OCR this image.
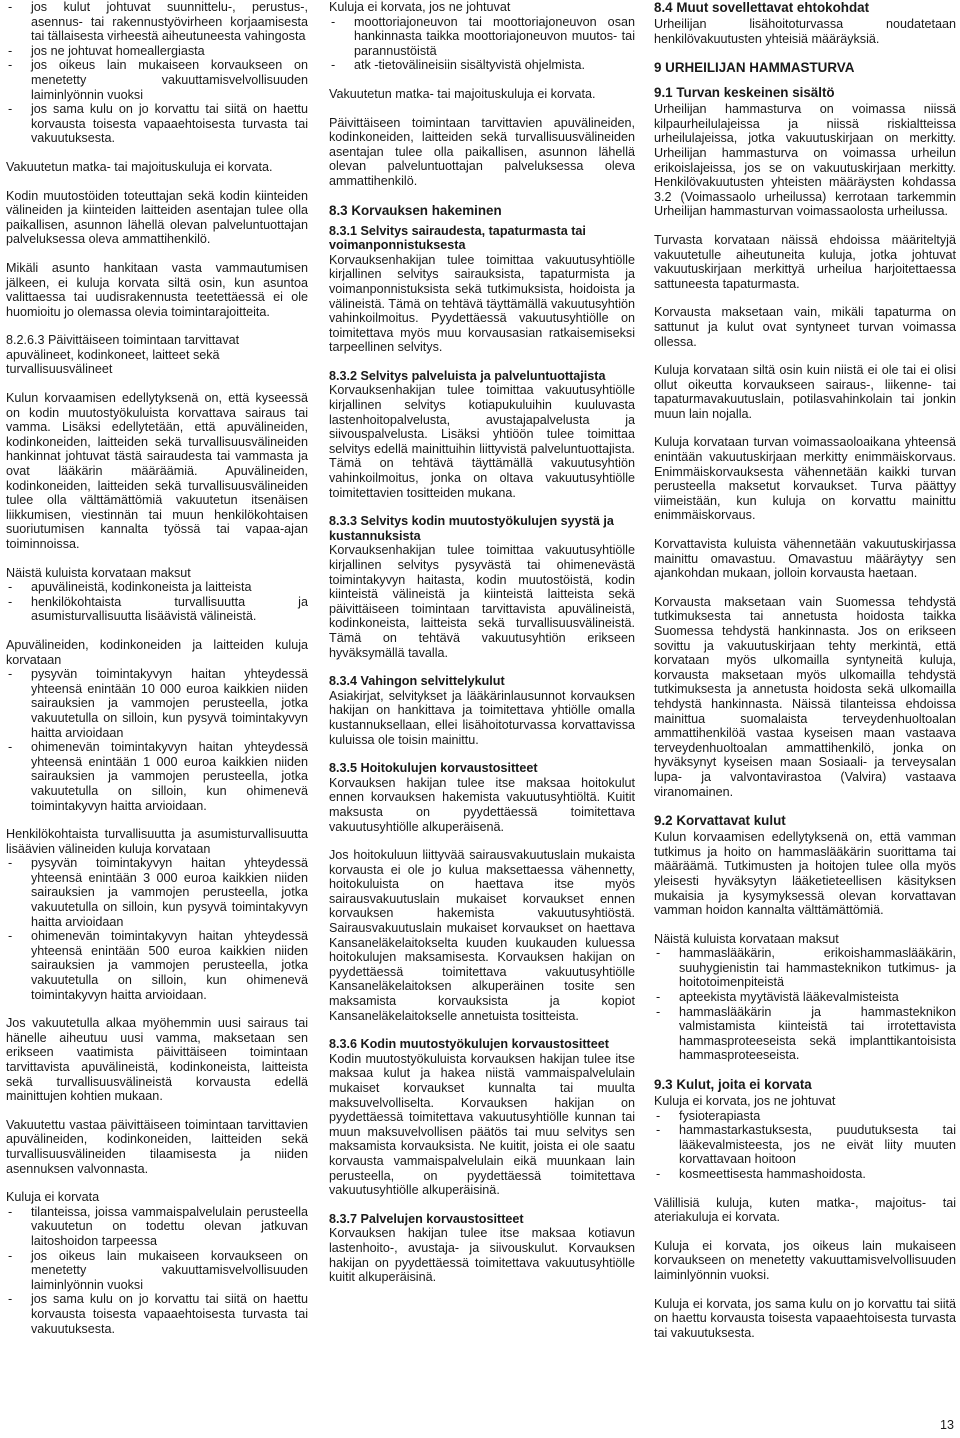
- jos kulut johtuvat suunnittelu-, perustus-, asennus- tai rakennustyövirheen korjaamisesta tai tällaisesta virheestä aiheutuneesta vahingosta
- jos ne johtuvat homeallergiasta
- jos oikeus lain mukaiseen korvaukseen on menetetty vakuuttamisvelvollisuuden laiminlyönnin vuoksi
- jos sama kulu on jo korvattu tai siitä on haettu korvausta toisesta vapaaehtoisesta turvasta tai vakuutuksesta.

Vakuutetun matka- tai majoituskuluja ei korvata.

Kodin muutostöiden toteuttajan sekä kodin kiinteiden välineiden ja kiinteiden laitteiden asentajan tulee olla paikallisen, asunnon lähellä olevan palveluntuottajan palveluksessa oleva ammattihenkilö.

Mikäli asunto hankitaan vasta vammautumisen jälkeen, ei kuluja korvata siltä osin, kun asuntoa valittaessa tai uudisrakennusta teetettäessä ei ole huomioitu jo olemassa olevia toimintarajoitteita.

8.2.6.3 Päivittäiseen toimintaan tarvittavat apuvälineet, kodinkoneet, laitteet sekä turvallisuusvälineet

Kulun korvaamisen edellytyksenä on, että kyseessä on kodin muutostyökuluista korvattava sairaus tai vamma. Lisäksi edellytetään, että apuvälineiden, kodinkoneiden, laitteiden sekä turvallisuusvälineiden hankinnat johtuvat tästä sairaudesta tai vammasta ja ovat lääkärin määräämiä. Apuvälineiden, kodinkoneiden, laitteiden sekä turvallisuusvälineiden tulee olla välttämättömiä vakuutetun itsenäisen liikkumisen, viestinnän tai muun henkilökohtaisen suoriutumisen kannalta työssä tai vapaa-ajan toiminnoissa.

Näistä kuluista korvataan maksut

- apuvälineistä, kodinkoneista ja laitteista
- henkilökohtaista turvallisuutta ja asumisturvallisuutta lisäävistä välineistä.

Apuvälineiden, kodinkoneiden ja laitteiden kuluja korvataan

- pysyvän toimintakyvyn haitan yhteydessä yhteensä enintään 10 000 euroa kaikkien niiden sairauksien ja vammojen perusteella, jotka vakuutetulla on silloin, kun pysyvä toimintakyvyn haitta arvioidaan
- ohimenevän toimintakyvyn haitan yhteydessä yhteensä enintään 1 000 euroa kaikkien niiden sairauksien ja vammojen perusteella, jotka vakuutetulla on silloin, kun ohimenevä toimintakyvyn haitta arvioidaan.

Henkilökohtaista turvallisuutta ja asumisturvallisuutta lisäävien välineiden kuluja korvataan

- pysyvän toimintakyvyn haitan yhteydessä yhteensä enintään 3 000 euroa kaikkien niiden sairauksien ja vammojen perusteella, jotka vakuutetulla on silloin, kun pysyvä toimintakyvyn haitta arvioidaan
- ohimenevän toimintakyvyn haitan yhteydessä yhteensä enintään 500 euroa kaikkien niiden sairauksien ja vammojen perusteella, jotka vakuutetulla on silloin, kun ohimenevä toimintakyvyn haitta arvioidaan.

Jos vakuutetulla alkaa myöhemmin uusi sairaus tai hänelle aiheutuu uusi vamma, maksetaan sen erikseen vaatimista päivittäiseen toimintaan tarvittavista apuvälineistä, kodinkoneista, laitteista sekä turvallisuusvälineistä korvausta edellä mainittujen kohtien mukaan.

Vakuutettu vastaa päivittäiseen toimintaan tarvittavien apuvälineiden, kodinkoneiden, laitteiden sekä turvallisuusvälineiden tilaamisesta ja niiden asennuksen valvonnasta.

Kuluja ei korvata

- tilanteissa, joissa vammaispalvelulain perusteella vakuutetun on todettu olevan jatkuvan laitoshoidon tarpeessa
- jos oikeus lain mukaiseen korvaukseen on menetetty vakuuttamisvelvollisuuden laiminlyönnin vuoksi
- jos sama kulu on jo korvattu tai siitä on haettu korvausta toisesta vapaaehtoisesta turvasta tai vakuutuksesta.

Kuluja ei korvata, jos ne johtuvat

- moottoriajoneuvon tai moottoriajoneuvon osan hankinnasta taikka moottoriajoneuvon muutos- tai parannustöistä
- atk -tietovälineisiin sisältyvistä ohjelmista.

Vakuutetun matka- tai majoituskuluja ei korvata.

Päivittäiseen toimintaan tarvittavien apuvälineiden, kodinkoneiden, laitteiden sekä turvallisuusvälineiden asentajan tulee olla paikallisen, asunnon lähellä olevan palveluntuottajan palveluksessa oleva ammattihenkilö.

8.3 Korvauksen hakeminen
8.3.1 Selvitys sairaudesta, tapaturmasta tai voimanponnistuksesta

Korvauksenhakijan tulee toimittaa vakuutusyhtiölle kirjallinen selvitys sairauksista, tapaturmista ja voimanponnistuksista sekä tutkimuksista, hoidoista ja välineistä. Tämä on tehtävä täyttämällä vakuutusyhtiön vahinkoilmoitus. Pyydettäessä vakuutusyhtiölle on toimitettava myös muu korvausasian ratkaisemiseksi tarpeellinen selvitys.

8.3.2 Selvitys palveluista ja palveluntuottajista

Korvauksenhakijan tulee toimittaa vakuutusyhtiölle kirjallinen selvitys kotiapukuluihin kuuluvasta lastenhoitopalvelusta, avustajapalvelusta ja siivouspalvelusta. Lisäksi yhtiöön tulee toimittaa selvitys edellä mainittuihin liittyvistä palveluntuottajista. Tämä on tehtävä täyttämällä vakuutusyhtiön vahinkoilmoitus, jonka on oltava vakuutusyhtiölle toimitettavien tositteiden mukana.

8.3.3 Selvitys kodin muutostyökulujen syystä ja kustannuksista

Korvauksenhakijan tulee toimittaa vakuutusyhtiölle kirjallinen selvitys pysyvästä tai ohimenevästä toimintakyvyn haitasta, kodin muutostöistä, kodin kiinteistä välineistä ja kiinteistä laitteista sekä päivittäiseen toimintaan tarvittavista apuvälineistä, kodinkoneista, laitteista sekä turvallisuusvälineistä. Tämä on tehtävä vakuutusyhtiön erikseen hyväksymällä tavalla.

8.3.4 Vahingon selvittelykulut

Asiakirjat, selvitykset ja lääkärinlausunnot korvauksen hakijan on hankittava ja toimitettava yhtiölle omalla kustannuksellaan, ellei lisähoitoturvassa korvattavissa kuluissa ole toisin mainittu.

8.3.5 Hoitokulujen korvaustositteet

Korvauksen hakijan tulee itse maksaa hoitokulut ennen korvauksen hakemista vakuutusyhtiöltä. Kuitit maksusta on pyydettäessä toimitettava vakuutusyhtiölle alkuperäisenä.

Jos hoitokuluun liittyvää sairausvakuutuslain mukaista korvausta ei ole jo kulua maksettaessa vähennetty, hoitokuluista on haettava itse myös sairausvakuutuslain mukaiset korvaukset ennen korvauksen hakemista vakuutusyhtiöstä. Sairausvakuutuslain mukaiset korvaukset on haettava Kansaneläkelaitokselta kuuden kuukauden kuluessa hoitokulujen maksamisesta. Korvauksen hakijan on pyydettäessä toimitettava vakuutusyhtiölle Kansaneläkelaitoksen alkuperäinen tosite sen maksamista korvauksista ja kopiot Kansaneläkelaitokselle annetuista tositteista.

8.3.6 Kodin muutostyökulujen korvaustositteet

Kodin muutostyökuluista korvauksen hakijan tulee itse maksaa kulut ja hakea niistä vammaispalvelulain mukaiset korvaukset kunnalta tai muulta maksuvelvolliselta. Korvauksen hakijan on pyydettäessä toimitettava vakuutusyhtiölle kunnan tai muun maksuvelvollisen päätös tai muu selvitys sen maksamista korvauksista. Ne kuitit, joista ei ole saatu korvausta vammaispalvelulain eikä muunkaan lain perusteella, on pyydettäessä toimitettava vakuutusyhtiölle alkuperäisinä.

8.3.7 Palvelujen korvaustositteet

Korvauksen hakijan tulee itse maksaa kotiavun lastenhoito-, avustaja- ja siivouskulut. Korvauksen hakijan on pyydettäessä toimitettava vakuutusyhtiölle kuitit alkuperäisinä.

8.4 Muut sovellettavat ehtokohdat

Urheilijan lisähoitoturvassa noudatetaan henkilövakuutusten yhteisiä määräyksiä.

9 URHEILIJAN HAMMASTURVA
9.1 Turvan keskeinen sisältö

Urheilijan hammasturva on voimassa niissä kilpaurheilulajeissa ja niissä riskialtteissa urheilulajeissa, jotka vakuutuskirjaan on merkitty. Urheilijan hammasturva on voimassa urheilun erikoislajeissa, jos se on vakuutuskirjaan merkitty. Henkilövakuutusten yhteisten määräysten kohdassa 3.2 (Voimassaolo urheilussa) kerrotaan tarkemmin Urheilijan hammasturvan voimassaolosta urheilussa.

Turvasta korvataan näissä ehdoissa määriteltyjä vakuutetulle aiheutuneita kuluja, jotka johtuvat vakuutuskirjaan merkittyä urheilua harjoitettaessa sattuneesta tapaturmasta.

Korvausta maksetaan vain, mikäli tapaturma on sattunut ja kulut ovat syntyneet turvan voimassa ollessa.

Kuluja korvataan siltä osin kuin niistä ei ole tai ei olisi ollut oikeutta korvaukseen sairaus-, liikenne- tai tapaturmavakuutuslain, potilasvahinkolain tai jonkin muun lain nojalla.

Kuluja korvataan turvan voimassaoloaikana yhteensä enintään vakuutuskirjaan merkitty enimmäiskorvaus. Enimmäiskorvauksesta vähennetään kaikki turvan perusteella maksetut korvaukset. Turva päättyy viimeistään, kun kuluja on korvattu mainittu enimmäiskorvaus.

Korvattavista kuluista vähennetään vakuutuskirjassa mainittu omavastuu. Omavastuu määräytyy sen ajankohdan mukaan, jolloin korvausta haetaan.

Korvausta maksetaan vain Suomessa tehdystä tutkimuksesta tai annetusta hoidosta taikka Suomessa tehdystä hankinnasta. Jos on erikseen sovittu ja vakuutuskirjaan tehty merkintä, että korvataan myös ulkomailla syntyneitä kuluja, korvausta maksetaan myös ulkomailla tehdystä tutkimuksesta ja annetusta hoidosta sekä ulkomailla tehdystä hankinnasta. Näissä tilanteissa ehdoissa mainittua suomalaista terveydenhuoltoalan ammattihenkilöä vastaa kyseisen maan vastaava terveydenhuoltoalan ammattihenkilö, jonka on hyväksynyt kyseisen maan Sosiaali- ja terveysalan lupa- ja valvontavirastoa (Valvira) vastaava viranomainen.

9.2 Korvattavat kulut

Kulun korvaamisen edellytyksenä on, että vamman tutkimus ja hoito on hammaslääkärin suorittama tai määräämä. Tutkimusten ja hoitojen tulee olla myös yleisesti hyväksytyn lääketieteellisen käsityksen mukaisia ja kysymyksessä olevan korvattavan vamman hoidon kannalta välttämättömiä.

Näistä kuluista korvataan maksut

- hammaslääkärin, erikoishammaslääkärin, suuhygienistin tai hammasteknikon tutkimus- ja hoitotoimenpiteistä
- apteekista myytävistä lääkevalmisteista
- hammaslääkärin ja hammasteknikon valmistamista kiinteistä tai irrotettavista hammasproteeseista sekä implanttikantoisista hammasproteeseista.
9.3 Kulut, joita ei korvata

Kuluja ei korvata, jos ne johtuvat

- fysioterapiasta
- hammastarkastuksesta, puudutuksesta tai lääkevalmisteesta, jos ne eivät liity muuten korvattavaan hoitoon
- kosmeettisesta hammashoidosta.

Välillisiä kuluja, kuten matka-, majoitus- tai ateriakuluja ei korvata.

Kuluja ei korvata, jos oikeus lain mukaiseen korvaukseen on menetetty vakuuttamisvelvollisuuden laiminlyönnin vuoksi.

Kuluja ei korvata, jos sama kulu on jo korvattu tai siitä on haettu korvausta toisesta vapaaehtoisesta turvasta tai vakuutuksesta.

13
